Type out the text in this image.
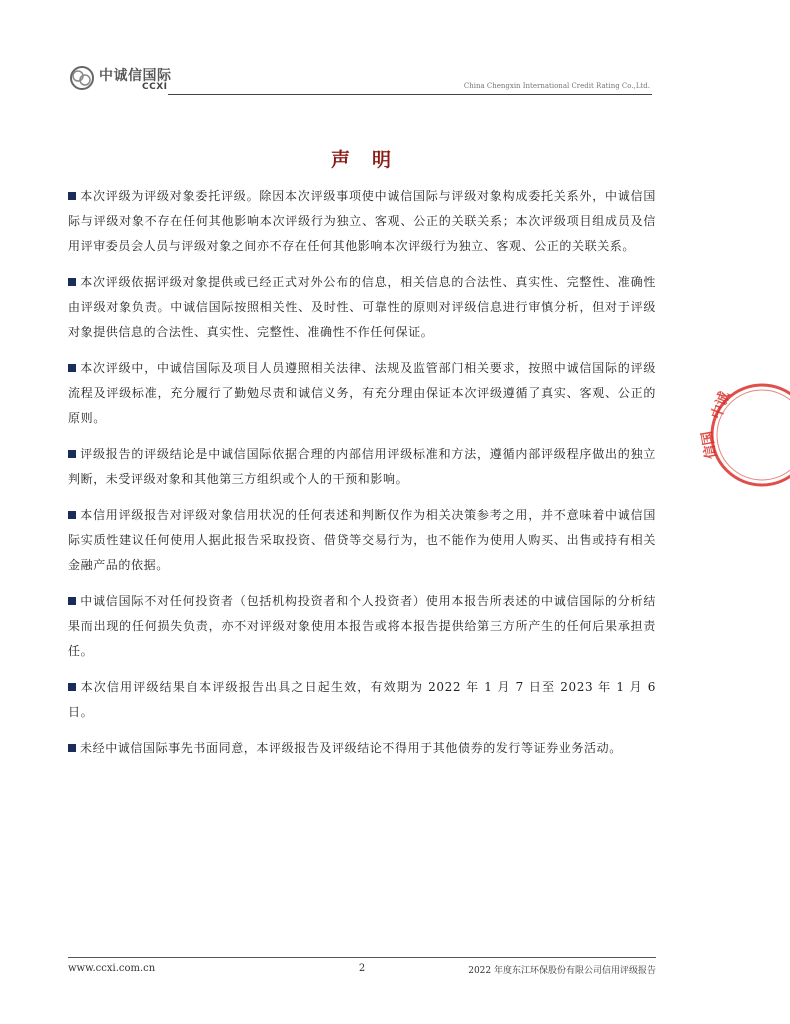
中诚信国际
CCXI	China Chengxin International Credit Rating Co.,Ltd.
声 明

本次评级为评级对象委托评级。除因本次评级事项使中诚信国际与评级对象构成委托关系外，中诚信国际与评级对象不存在任何其他影响本次评级行为独立、客观、公正的关联关系；本次评级项目组成员及信用评审委员会人员与评级对象之间亦不存在任何其他影响本次评级行为独立、客观、公正的关联关系。

本次评级依据评级对象提供或已经正式对外公布的信息，相关信息的合法性、真实性、完整性、准确性由评级对象负责。中诚信国际按照相关性、及时性、可靠性的原则对评级信息进行审慎分析，但对于评级对象提供信息的合法性、真实性、完整性、准确性不作任何保证。

本次评级中，中诚信国际及项目人员遵照相关法律、法规及监管部门相关要求，按照中诚信国际的评级流程及评级标准，充分履行了勤勉尽责和诚信义务，有充分理由保证本次评级遵循了真实、客观、公正的原则。

评级报告的评级结论是中诚信国际依据合理的内部信用评级标准和方法，遵循内部评级程序做出的独立判断，未受评级对象和其他第三方组织或个人的干预和影响。

本信用评级报告对评级对象信用状况的任何表述和判断仅作为相关决策参考之用，并不意味着中诚信国际实质性建议任何使用人据此报告采取投资、借贷等交易行为，也不能作为使用人购买、出售或持有相关金融产品的依据。

中诚信国际不对任何投资者（包括机构投资者和个人投资者）使用本报告所表述的中诚信国际的分析结果而出现的任何损失负责，亦不对评级对象使用本报告或将本报告提供给第三方所产生的任何后果承担责任。

本次信用评级结果自本评级报告出具之日起生效，有效期为 2022 年 1 月 7 日至 2023 年 1 月 6 日。

未经中诚信国际事先书面同意，本评级报告及评级结论不得用于其他债券的发行等证券业务活动。

中诚
信国
www.ccxi.com.cn	2	2022 年度东江环保股份有限公司信用评级报告
